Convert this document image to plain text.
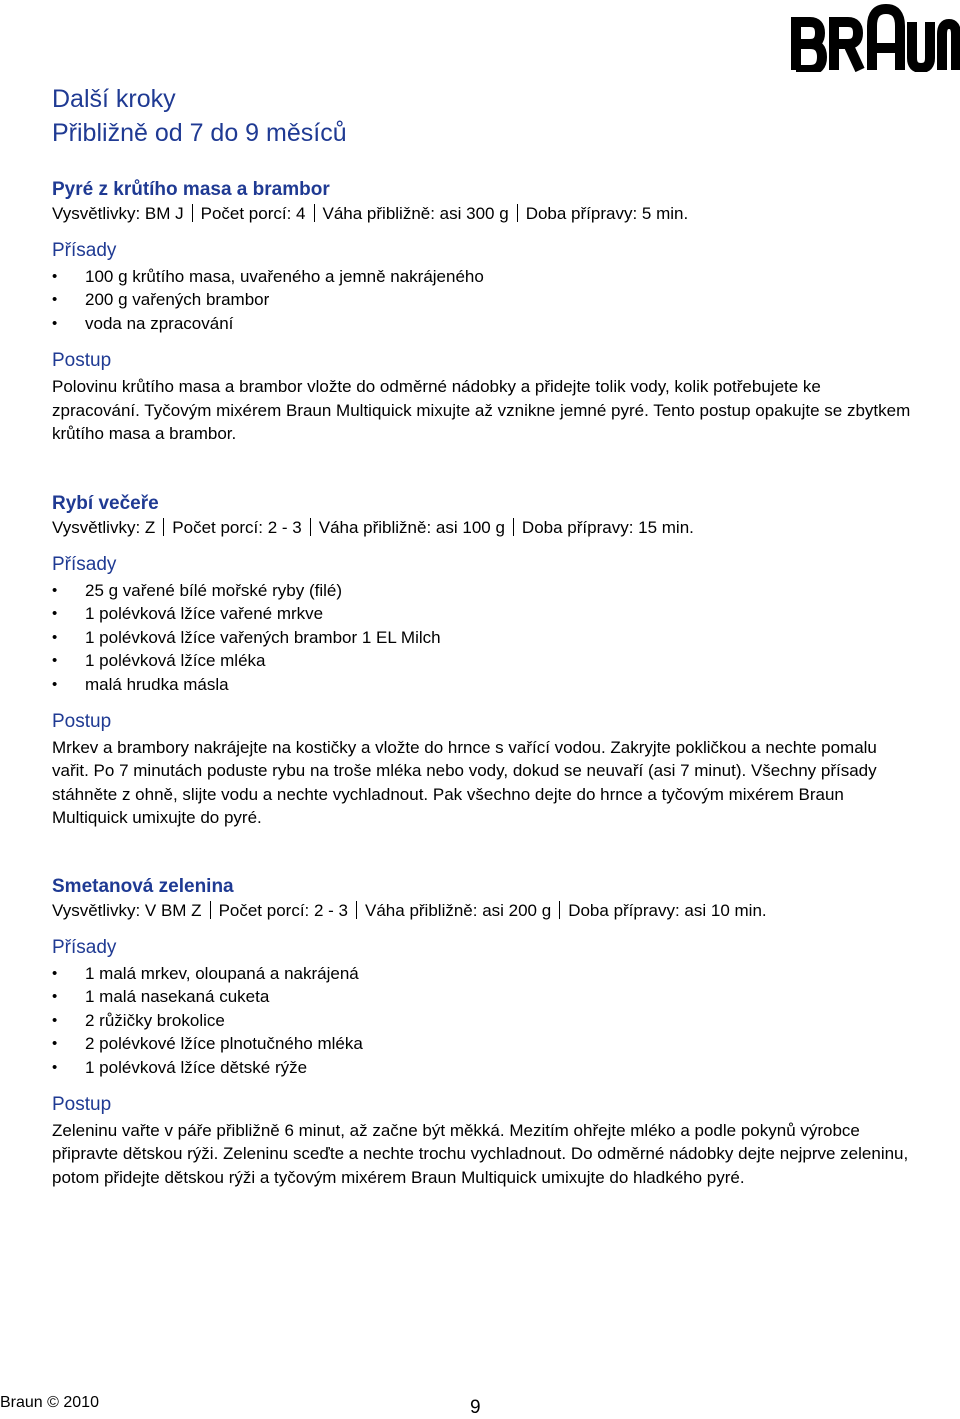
Další kroky
Přibližně od 7 do 9 měsíců
Pyré z krůtího masa a brambor

Vysvětlivky: BM J Počet porcí: 4 Váha přibližně: asi 300 g Doba přípravy: 5 min.

Přísady
• 100 g krůtího masa, uvařeného a jemně nakrájeného
• 200 g vařených brambor
• voda na zpracování
Postup

Polovinu krůtího masa a brambor vložte do odměrné nádobky a přidejte tolik vody, kolik potřebujete ke zpracování. Tyčovým mixérem Braun Multiquick mixujte až vznikne jemné pyré. Tento postup opakujte se zbytkem krůtího masa a brambor.

Rybí večeře

Vysvětlivky: Z Počet porcí: 2 - 3 Váha přibližně: asi 100 g Doba přípravy: 15 min.

Přísady
• 25 g vařené bílé mořské ryby (filé)
• 1 polévková lžíce vařené mrkve
• 1 polévková lžíce vařených brambor 1 EL Milch
• 1 polévková lžíce mléka
• malá hrudka másla
Postup

Mrkev a brambory nakrájejte na kostičky a vložte do hrnce s vařící vodou. Zakryjte pokličkou a nechte pomalu vařit. Po 7 minutách poduste rybu na troše mléka nebo vody, dokud se neuvaří (asi 7 minut). Všechny přísady stáhněte z ohně, slijte vodu a nechte vychladnout. Pak všechno dejte do hrnce a tyčovým mixérem Braun Multiquick umixujte do pyré.

Smetanová zelenina

Vysvětlivky: V BM Z Počet porcí: 2 - 3 Váha přibližně: asi 200 g Doba přípravy: asi 10 min.

Přísady
• 1 malá mrkev, oloupaná a nakrájená
• 1 malá nasekaná cuketa
• 2 růžičky brokolice
• 2 polévkové lžíce plnotučného mléka
• 1 polévková lžíce dětské rýže
Postup

Zeleninu vařte v páře přibližně 6 minut, až začne být měkká. Mezitím ohřejte mléko a podle pokynů výrobce připravte dětskou rýži. Zeleninu sceďte a nechte trochu vychladnout. Do odměrné nádobky dejte nejprve zeleninu, potom přidejte dětskou rýži a tyčovým mixérem Braun Multiquick umixujte do hladkého pyré.

Braun © 2010	9
